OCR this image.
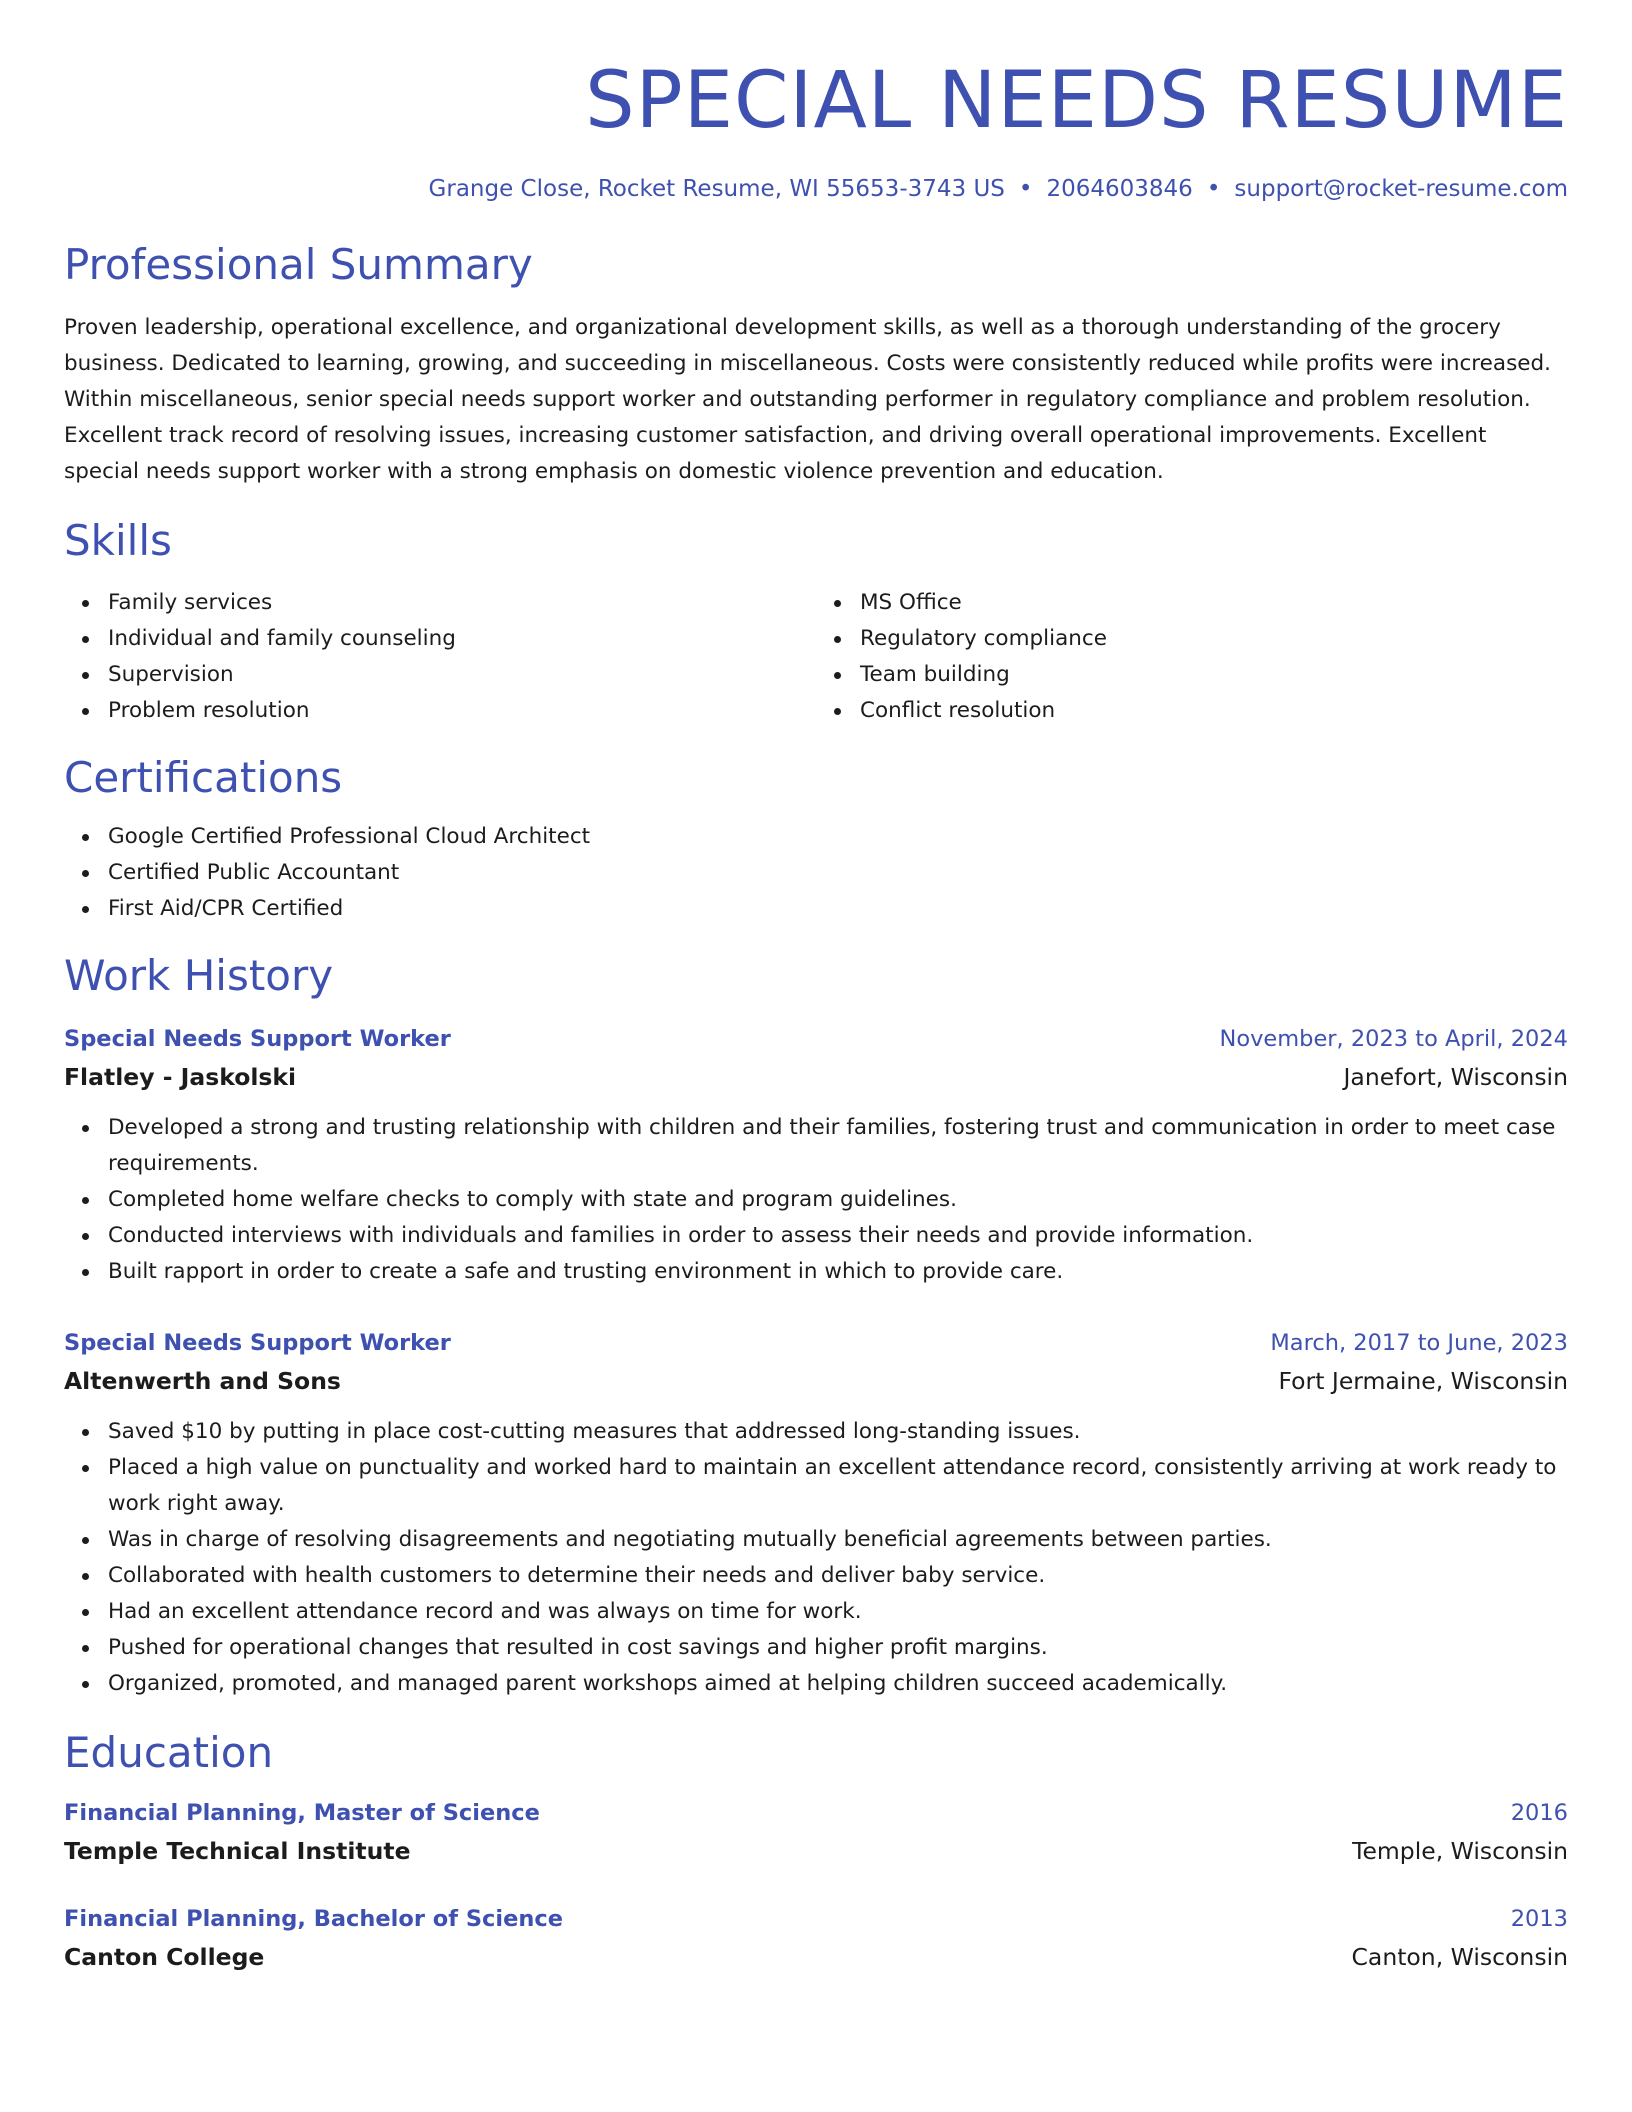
SPECIAL NEEDS RESUME
Grange Close, Rocket Resume, WI 55653-3743 US • 2064603846 • support@rocket-resume.com
Professional Summary
Proven leadership, operational excellence, and organizational development skills, as well as a thorough understanding of the grocery business. Dedicated to learning, growing, and succeeding in miscellaneous. Costs were consistently reduced while profits were increased. Within miscellaneous, senior special needs support worker and outstanding performer in regulatory compliance and problem resolution. Excellent track record of resolving issues, increasing customer satisfaction, and driving overall operational improvements. Excellent special needs support worker with a strong emphasis on domestic violence prevention and education.
Skills
Family services
Individual and family counseling
Supervision
Problem resolution
MS Office
Regulatory compliance
Team building
Conflict resolution
Certifications
Google Certified Professional Cloud Architect
Certified Public Accountant
First Aid/CPR Certified
Work History
Special Needs Support Worker	November, 2023 to April, 2024
Flatley - Jaskolski	Janefort, Wisconsin
Developed a strong and trusting relationship with children and their families, fostering trust and communication in order to meet case requirements.
Completed home welfare checks to comply with state and program guidelines.
Conducted interviews with individuals and families in order to assess their needs and provide information.
Built rapport in order to create a safe and trusting environment in which to provide care.
Special Needs Support Worker	March, 2017 to June, 2023
Altenwerth and Sons	Fort Jermaine, Wisconsin
Saved $10 by putting in place cost-cutting measures that addressed long-standing issues.
Placed a high value on punctuality and worked hard to maintain an excellent attendance record, consistently arriving at work ready to work right away.
Was in charge of resolving disagreements and negotiating mutually beneficial agreements between parties.
Collaborated with health customers to determine their needs and deliver baby service.
Had an excellent attendance record and was always on time for work.
Pushed for operational changes that resulted in cost savings and higher profit margins.
Organized, promoted, and managed parent workshops aimed at helping children succeed academically.
Education
Financial Planning, Master of Science	2016
Temple Technical Institute	Temple, Wisconsin
Financial Planning, Bachelor of Science	2013
Canton College	Canton, Wisconsin
